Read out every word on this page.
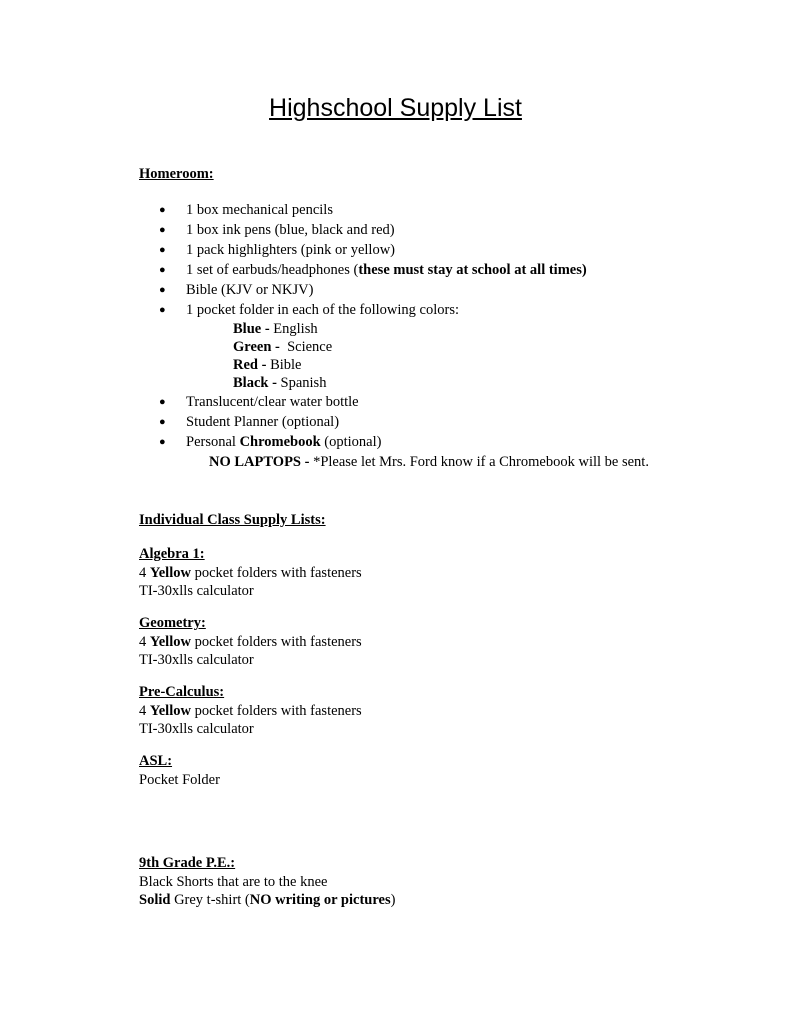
Highschool Supply List
Homeroom:
● 1 box mechanical pencils
● 1 box ink pens (blue, black and red)
● 1 pack highlighters (pink or yellow)
● 1 set of earbuds/headphones (these must stay at school at all times)
● Bible (KJV or NKJV)
● 1 pocket folder in each of the following colors:
Blue - English
Green -  Science
Red - Bible
Black - Spanish
● Translucent/clear water bottle
● Student Planner (optional)
● Personal Chromebook (optional)
NO LAPTOPS - *Please let Mrs. Ford know if a Chromebook will be sent.
Individual Class Supply Lists:
Algebra 1:
4 Yellow pocket folders with fasteners
TI-30xlls calculator
Geometry:
4 Yellow pocket folders with fasteners
TI-30xlls calculator
Pre-Calculus:
4 Yellow pocket folders with fasteners
TI-30xlls calculator
ASL:
Pocket Folder
9th Grade P.E.:
Black Shorts that are to the knee
Solid Grey t-shirt (NO writing or pictures)
